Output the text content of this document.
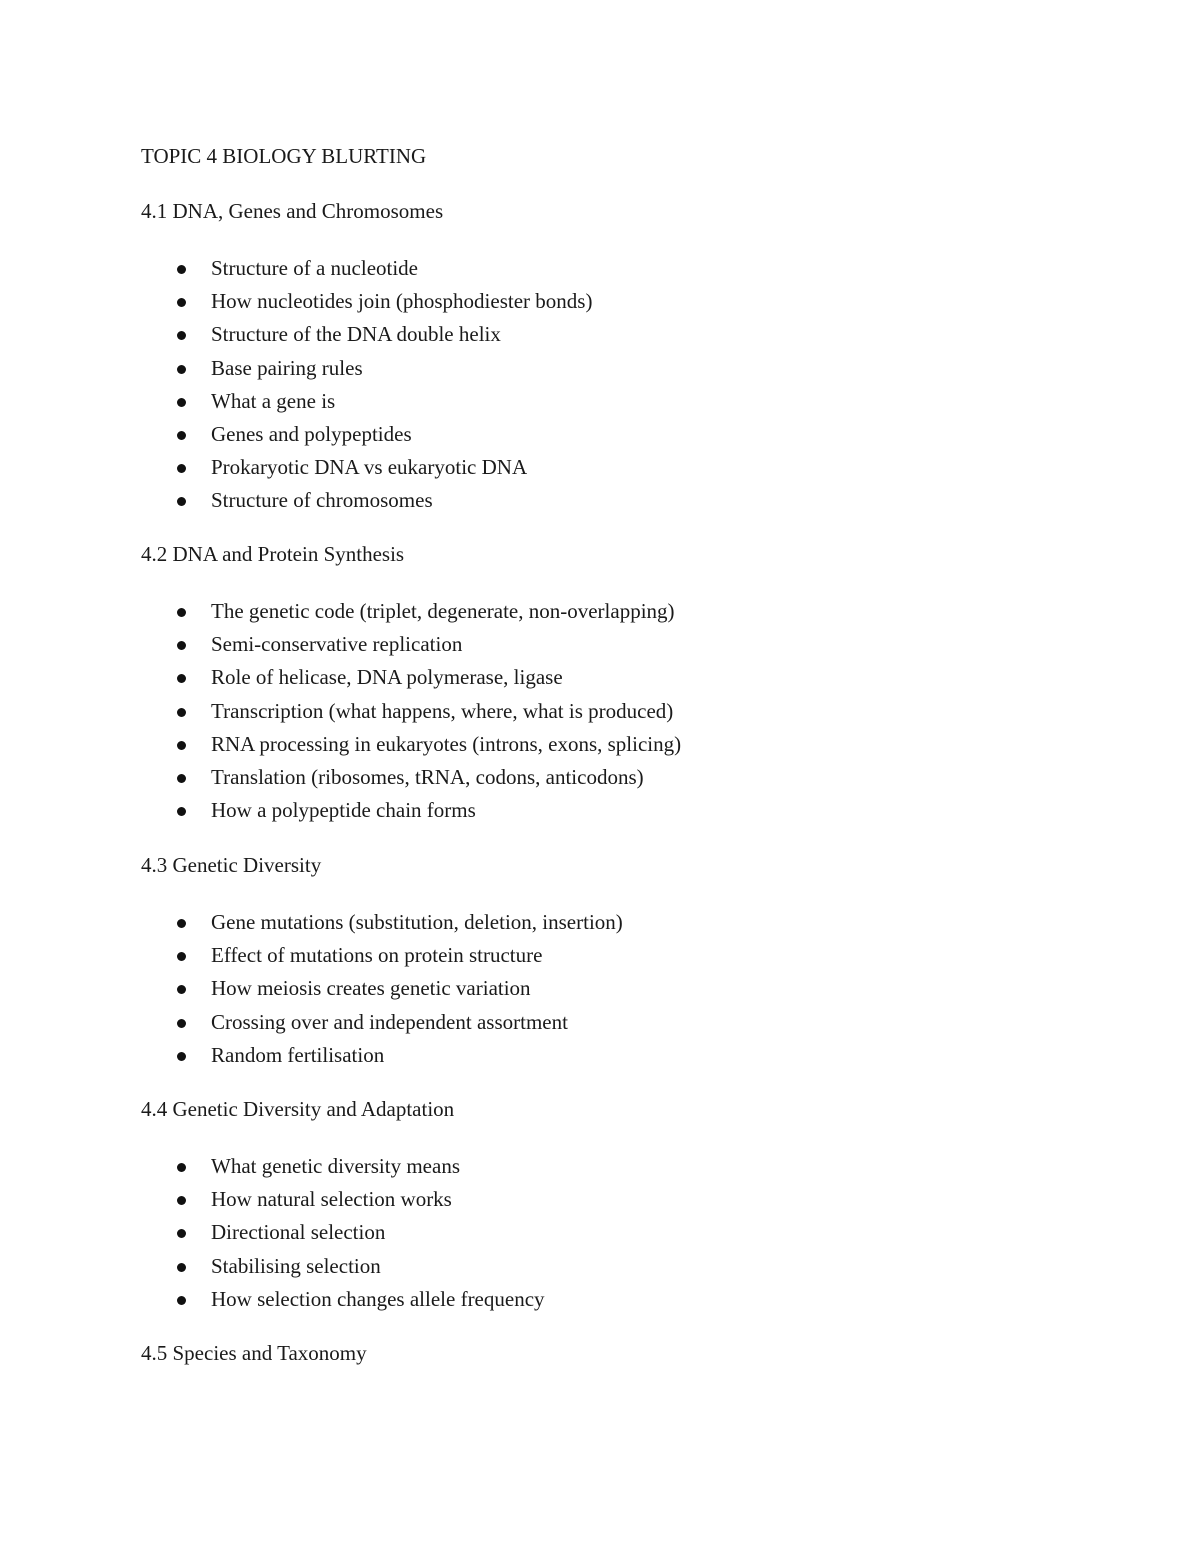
TOPIC 4 BIOLOGY BLURTING
4.1 DNA, Genes and Chromosomes
Structure of a nucleotide
How nucleotides join (phosphodiester bonds)
Structure of the DNA double helix
Base pairing rules
What a gene is
Genes and polypeptides
Prokaryotic DNA vs eukaryotic DNA
Structure of chromosomes
4.2 DNA and Protein Synthesis
The genetic code (triplet, degenerate, non-overlapping)
Semi-conservative replication
Role of helicase, DNA polymerase, ligase
Transcription (what happens, where, what is produced)
RNA processing in eukaryotes (introns, exons, splicing)
Translation (ribosomes, tRNA, codons, anticodons)
How a polypeptide chain forms
4.3 Genetic Diversity
Gene mutations (substitution, deletion, insertion)
Effect of mutations on protein structure
How meiosis creates genetic variation
Crossing over and independent assortment
Random fertilisation
4.4 Genetic Diversity and Adaptation
What genetic diversity means
How natural selection works
Directional selection
Stabilising selection
How selection changes allele frequency
4.5 Species and Taxonomy
